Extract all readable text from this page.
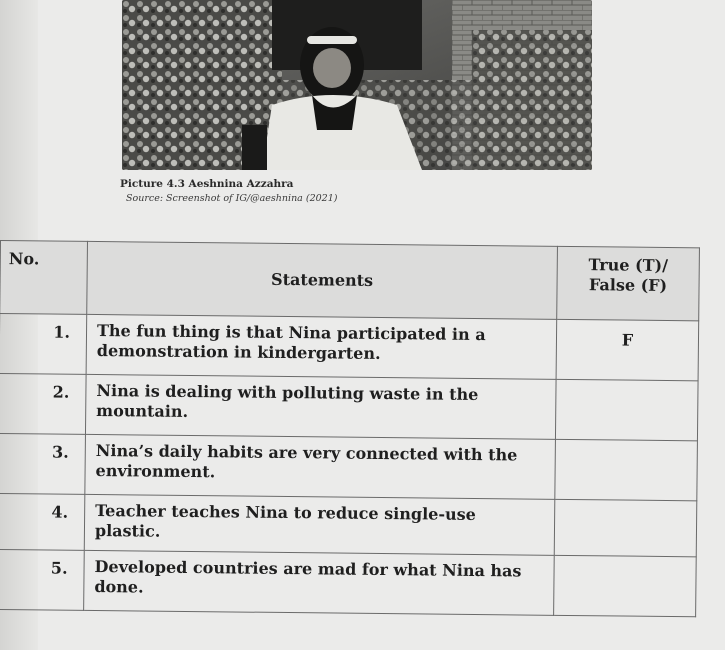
Picture 4.3 Aeshnina Azzahra
Source: Screenshot of IG/@aeshnina (2021)
No.	Statements	True (T)/ False (F)
1.	The fun thing is that Nina participated in a demonstration in kindergarten.	F
2.	Nina is dealing with polluting waste in the mountain.	
3.	Nina’s daily habits are very connected with the environment.	
4.	Teacher teaches Nina to reduce single-use plastic.	
5.	Developed countries are mad for what Nina has done.	
